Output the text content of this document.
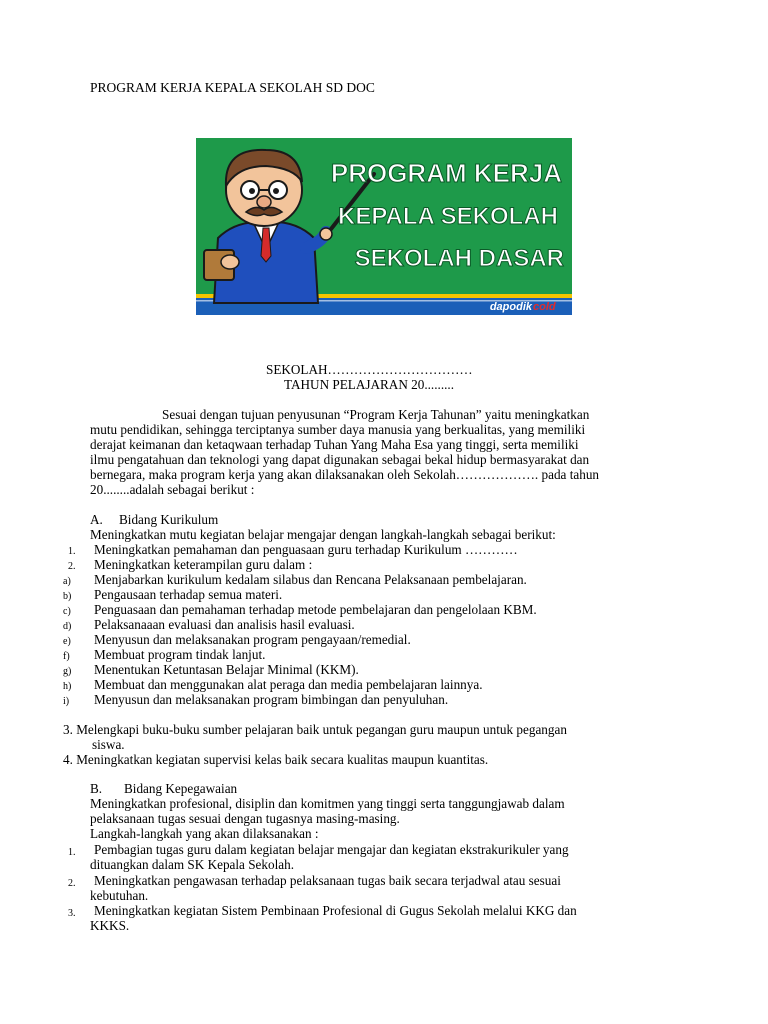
PROGRAM KERJA KEPALA SEKOLAH SD DOC
PROGRAM KERJA
KEPALA SEKOLAH
SEKOLAH DASAR
dapodik cold
SEKOLAH……………………………
TAHUN PELAJARAN 20.........
Sesuai dengan tujuan penyusunan “Program Kerja Tahunan” yaitu meningkatkan
mutu pendidikan, sehingga terciptanya sumber daya manusia yang berkualitas, yang memiliki
derajat keimanan dan ketaqwaan terhadap Tuhan Yang Maha Esa yang tinggi, serta memiliki
ilmu pengatahuan dan teknologi yang dapat digunakan sebagai bekal hidup bermasyarakat dan
bernegara, maka program kerja yang akan dilaksanakan oleh Sekolah………………. pada tahun
20........adalah sebagai berikut :
A. Bidang Kurikulum
Meningkatkan mutu kegiatan belajar mengajar dengan langkah-langkah sebagai berikut:
1. Meningkatkan pemahaman dan penguasaan guru terhadap Kurikulum …………
2. Meningkatkan keterampilan guru dalam :
a) Menjabarkan kurikulum kedalam silabus dan Rencana Pelaksanaan pembelajaran.
b) Pengausaan terhadap semua materi.
c) Penguasaan dan pemahaman terhadap metode pembelajaran dan pengelolaan KBM.
d) Pelaksanaaan evaluasi dan analisis hasil evaluasi.
e) Menyusun dan melaksanakan program pengayaan/remedial.
f) Membuat program tindak lanjut.
g) Menentukan Ketuntasan Belajar Minimal (KKM).
h) Membuat dan menggunakan alat peraga dan media pembelajaran lainnya.
i) Menyusun dan melaksanakan program bimbingan dan penyuluhan.
3. Melengkapi buku-buku sumber pelajaran baik untuk pegangan guru maupun untuk pegangan
siswa.
4. Meningkatkan kegiatan supervisi kelas baik secara kualitas maupun kuantitas.
B. Bidang Kepegawaian
Meningkatkan profesional, disiplin dan komitmen yang tinggi serta tanggungjawab dalam
pelaksanaan tugas sesuai dengan tugasnya masing-masing.
Langkah-langkah yang akan dilaksanakan :
1. Pembagian tugas guru dalam kegiatan belajar mengajar dan kegiatan ekstrakurikuler yang
dituangkan dalam SK Kepala Sekolah.
2. Meningkatkan pengawasan terhadap pelaksanaan tugas baik secara terjadwal atau sesuai
kebutuhan.
3. Meningkatkan kegiatan Sistem Pembinaan Profesional di Gugus Sekolah melalui KKG dan
KKKS.
